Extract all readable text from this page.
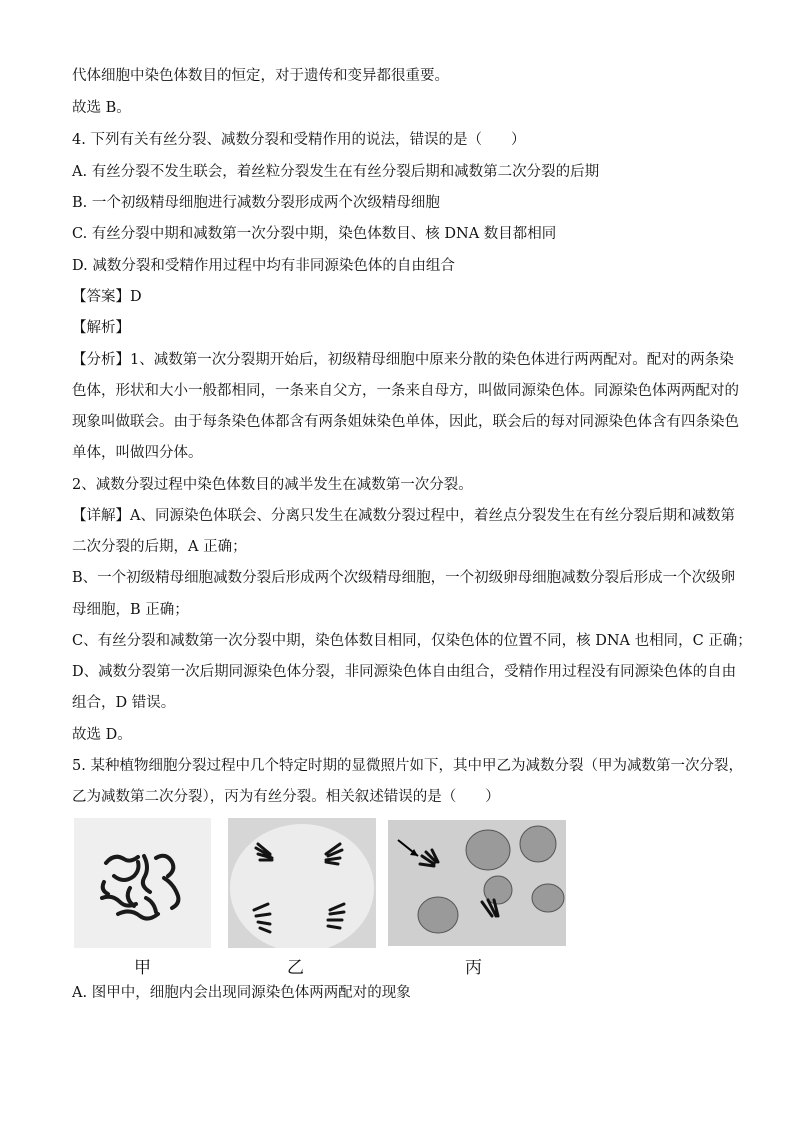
代体细胞中染色体数目的恒定，对于遗传和变异都很重要。
故选 B。
4. 下列有关有丝分裂、减数分裂和受精作用的说法，错误的是（　　）
A. 有丝分裂不发生联会，着丝粒分裂发生在有丝分裂后期和减数第二次分裂的后期
B. 一个初级精母细胞进行减数分裂形成两个次级精母细胞
C. 有丝分裂中期和减数第一次分裂中期，染色体数目、核 DNA 数目都相同
D. 减数分裂和受精作用过程中均有非同源染色体的自由组合
【答案】D
【解析】
【分析】1、减数第一次分裂期开始后，初级精母细胞中原来分散的染色体进行两两配对。配对的两条染
色体，形状和大小一般都相同，一条来自父方，一条来自母方，叫做同源染色体。同源染色体两两配对的
现象叫做联会。由于每条染色体都含有两条姐妹染色单体，因此，联会后的每对同源染色体含有四条染色
单体，叫做四分体。
2、减数分裂过程中染色体数目的减半发生在减数第一次分裂。
【详解】A、同源染色体联会、分离只发生在减数分裂过程中，着丝点分裂发生在有丝分裂后期和减数第
二次分裂的后期，A 正确；
B、一个初级精母细胞减数分裂后形成两个次级精母细胞，一个初级卵母细胞减数分裂后形成一个次级卵
母细胞，B 正确；
C、有丝分裂和减数第一次分裂中期，染色体数目相同，仅染色体的位置不同，核 DNA 也相同，C 正确；
D、减数分裂第一次后期同源染色体分裂，非同源染色体自由组合，受精作用过程没有同源染色体的自由
组合，D 错误。
故选 D。
5. 某种植物细胞分裂过程中几个特定时期的显微照片如下，其中甲乙为减数分裂（甲为减数第一次分裂，
乙为减数第二次分裂），丙为有丝分裂。相关叙述错误的是（　　）
甲	乙	丙
A. 图甲中，细胞内会出现同源染色体两两配对的现象
